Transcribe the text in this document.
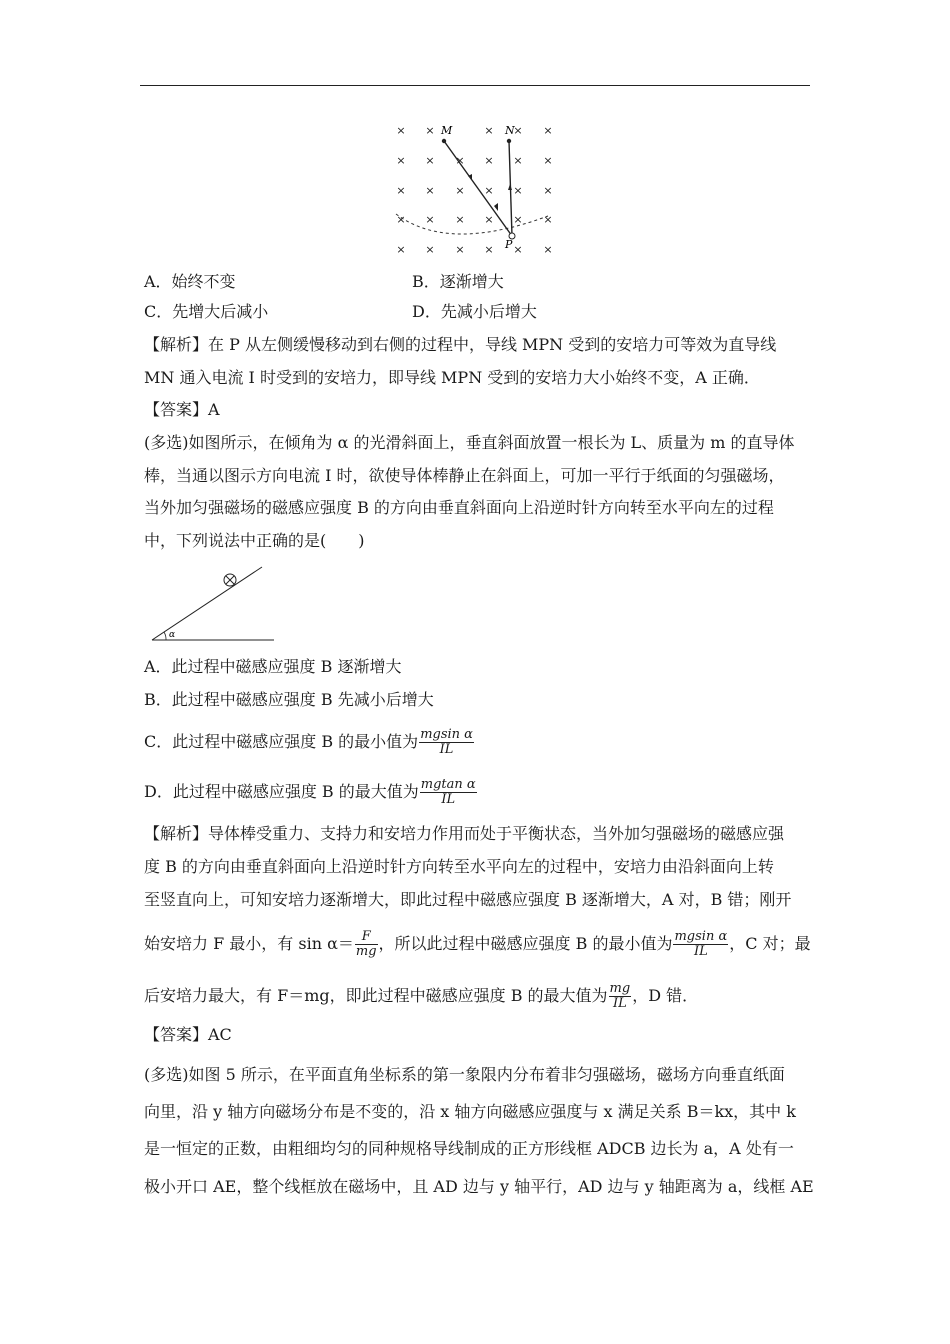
× ×	× × ×
× × × × × ×
× × × × × ×
× × × × × ×
× × × × × ×
M	N
P
A．始终不变	B．逐渐增大
C．先增大后减小	D．先减小后增大
【解析】在 P 从左侧缓慢移动到右侧的过程中，导线 MPN 受到的安培力可等效为直导线
MN 通入电流 I 时受到的安培力，即导线 MPN 受到的安培力大小始终不变，A 正确．
【答案】A
(多选)如图所示，在倾角为 α 的光滑斜面上，垂直斜面放置一根长为 L、质量为 m 的直导体
棒，当通以图示方向电流 I 时，欲使导体棒静止在斜面上，可加一平行于纸面的匀强磁场，
当外加匀强磁场的磁感应强度 B 的方向由垂直斜面向上沿逆时针方向转至水平向左的过程
中，下列说法中正确的是(　　)
α
A．此过程中磁感应强度 B 逐渐增大
B．此过程中磁感应强度 B 先减小后增大
C．此过程中磁感应强度 B 的最小值为 $\frac{\text{mgsin α}}{IL}$
D．此过程中磁感应强度 B 的最大值为 $\frac{\text{mgtan α}}{IL}$
【解析】导体棒受重力、支持力和安培力作用而处于平衡状态，当外加匀强磁场的磁感应强
度 B 的方向由垂直斜面向上沿逆时针方向转至水平向左的过程中，安培力由沿斜面向上转
至竖直向上，可知安培力逐渐增大，即此过程中磁感应强度 B 逐渐增大，A 对，B 错；刚开
始安培力 F 最小，有 $\sin \alpha= \frac{F}{mg}$ ，所以此过程中磁感应强度 B 的最小值为 $\frac{\text{mgsin α}}{IL}$ ，C 对；最
后安培力最大，有 F＝mg，即此过程中磁感应强度 B 的最大值为 $\frac{mg}{IL}$ ，D 错．
【答案】AC
(多选)如图 5 所示，在平面直角坐标系的第一象限内分布着非匀强磁场，磁场方向垂直纸面
向里，沿 y 轴方向磁场分布是不变的，沿 x 轴方向磁感应强度与 x 满足关系 B＝kx，其中 k
是一恒定的正数，由粗细均匀的同种规格导线制成的正方形线框 ADCB 边长为 a，A 处有一
极小开口 AE，整个线框放在磁场中，且 AD 边与 y 轴平行，AD 边与 y 轴距离为 a，线框 AE
